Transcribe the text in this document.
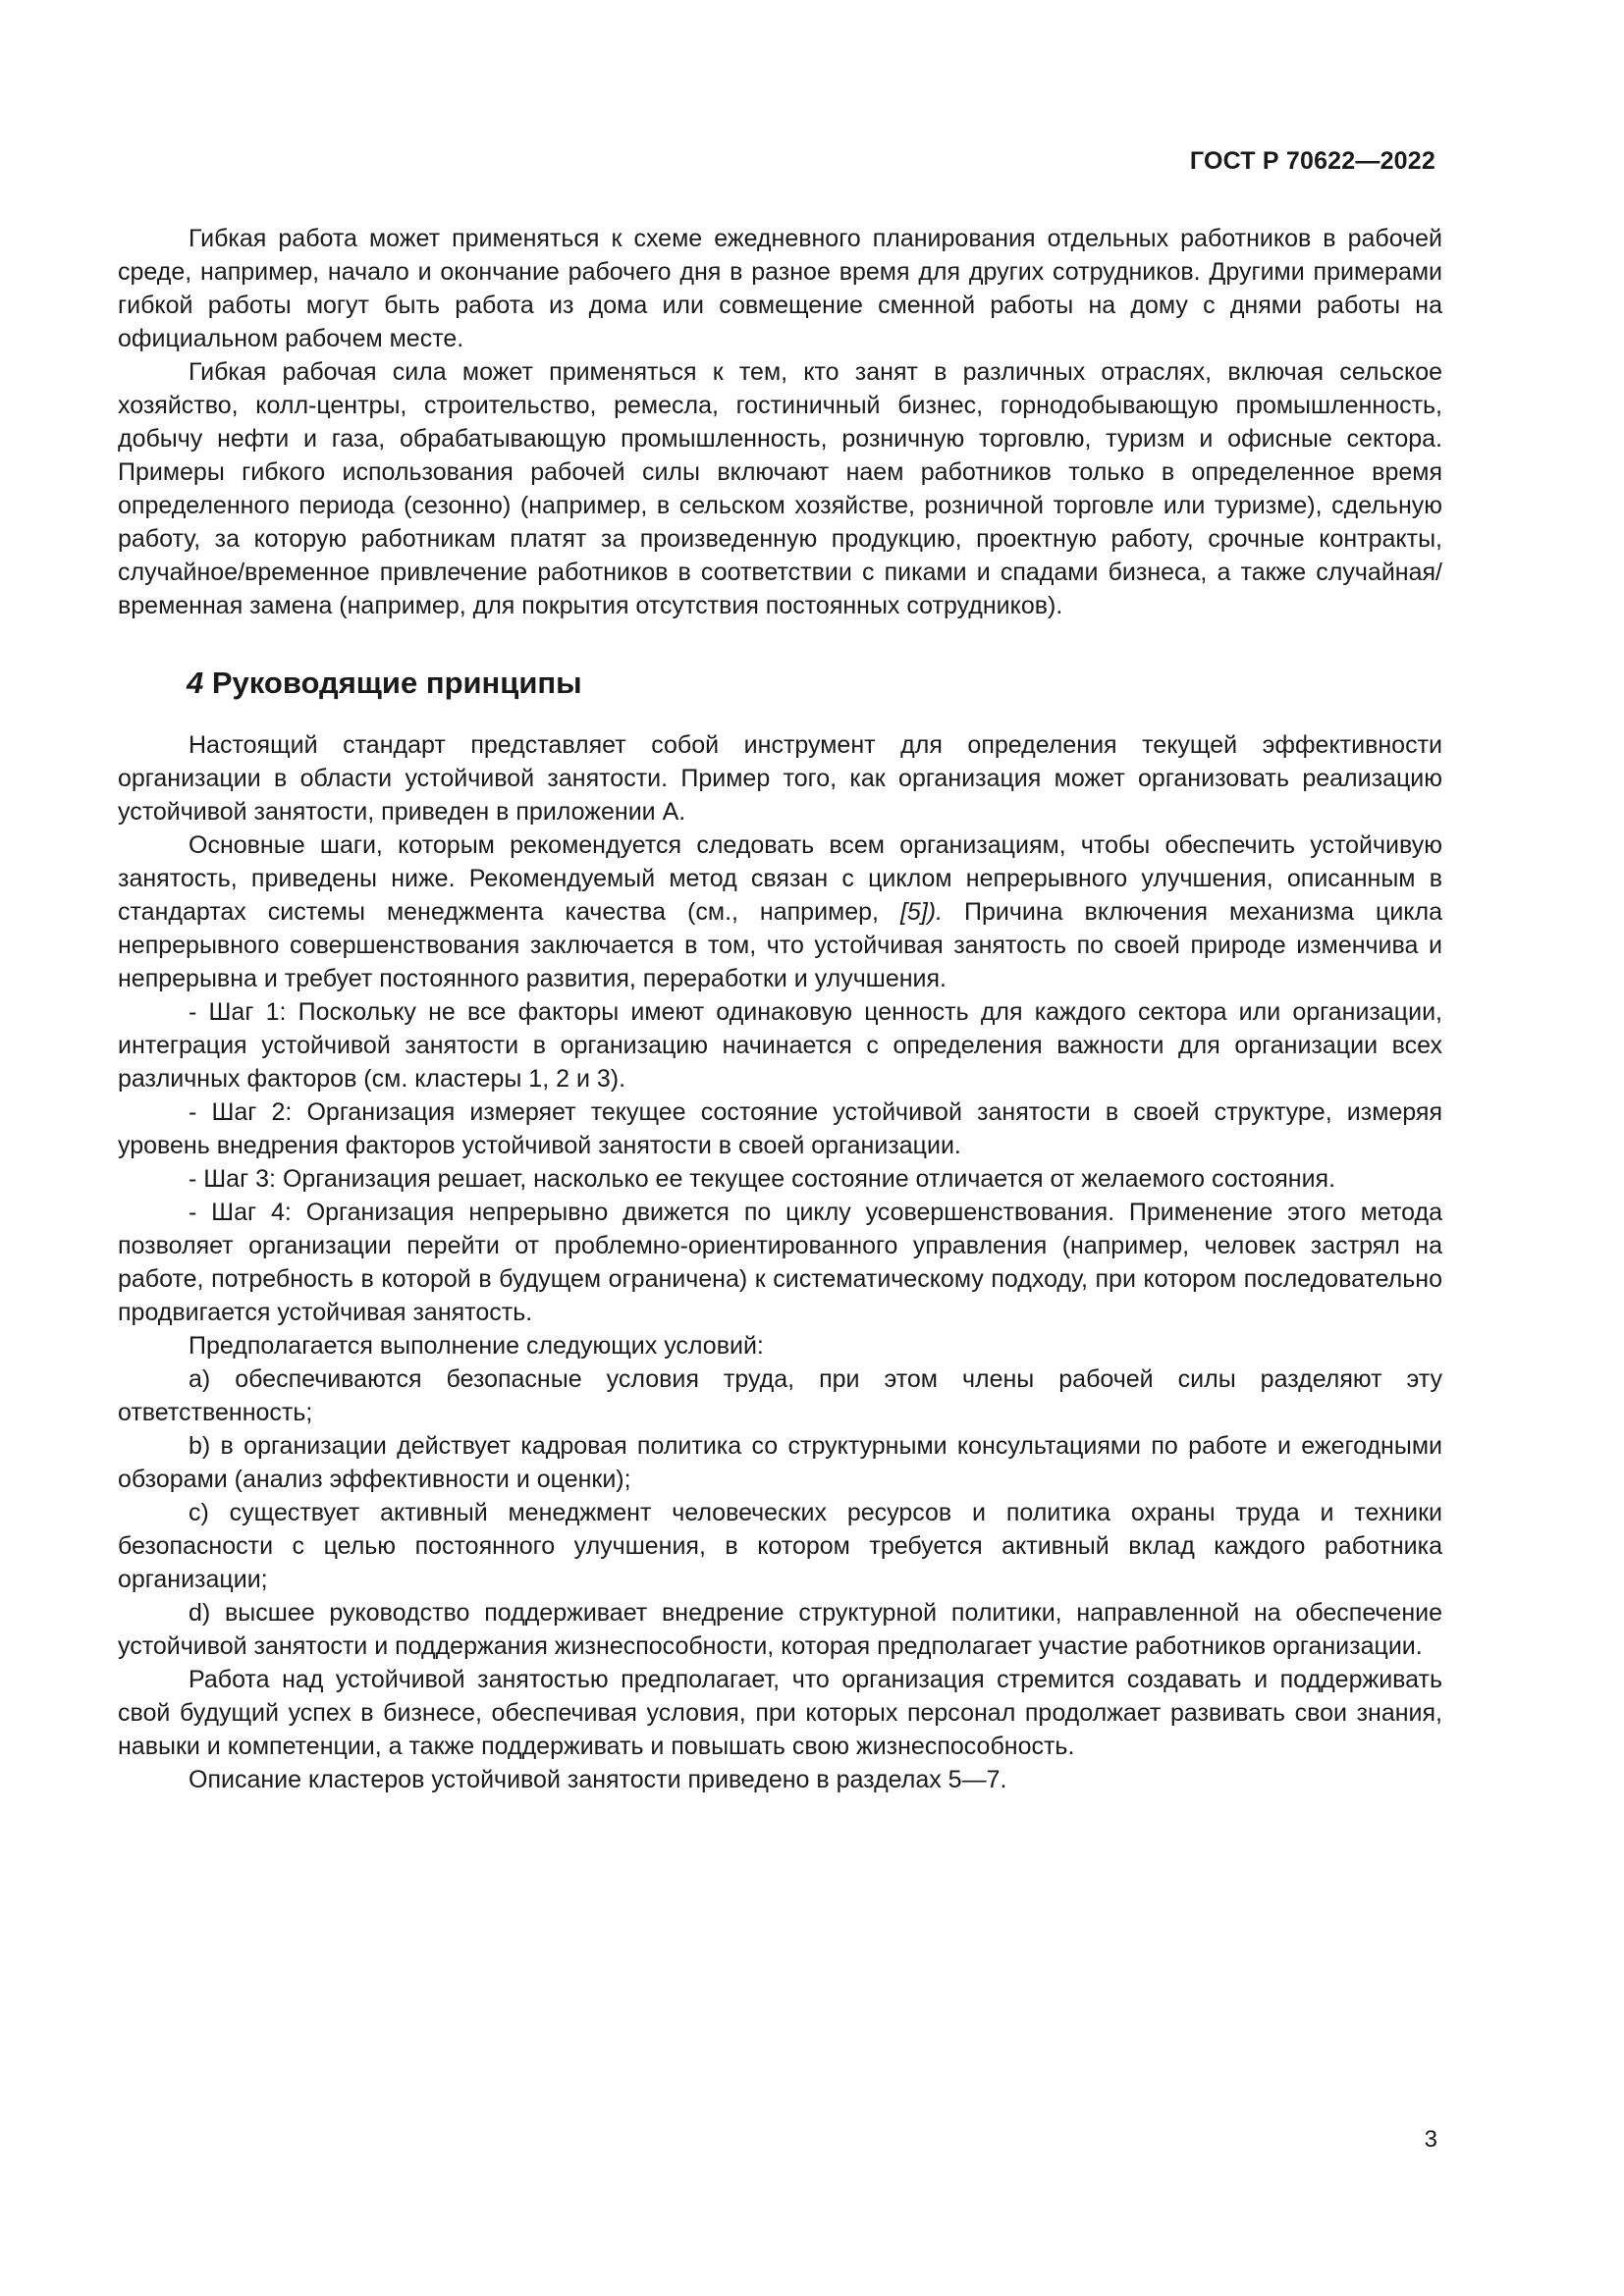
ГОСТ Р 70622—2022

Гибкая работа может применяться к схеме ежедневного планирования отдельных работников в рабочей среде, например, начало и окончание рабочего дня в разное время для других сотрудников. Другими примерами гибкой работы могут быть работа из дома или совмещение сменной работы на дому с днями работы на официальном рабочем месте.

Гибкая рабочая сила может применяться к тем, кто занят в различных отраслях, включая сельское хозяйство, колл-центры, строительство, ремесла, гостиничный бизнес, горнодобывающую промышленность, добычу нефти и газа, обрабатывающую промышленность, розничную торговлю, туризм и офисные сектора. Примеры гибкого использования рабочей силы включают наем работников только в определенное время определенного периода (сезонно) (например, в сельском хозяйстве, розничной торговле или туризме), сдельную работу, за которую работникам платят за произведенную продукцию, проектную работу, срочные контракты, случайное/временное привлечение работников в соответствии с пиками и спадами бизнеса, а также случайная/временная замена (например, для покрытия отсутствия постоянных сотрудников).

4 Руководящие принципы

Настоящий стандарт представляет собой инструмент для определения текущей эффективности организации в области устойчивой занятости. Пример того, как организация может организовать реализацию устойчивой занятости, приведен в приложении А.

Основные шаги, которым рекомендуется следовать всем организациям, чтобы обеспечить устойчивую занятость, приведены ниже. Рекомендуемый метод связан с циклом непрерывного улучшения, описанным в стандартах системы менеджмента качества (см., например, [5]). Причина включения механизма цикла непрерывного совершенствования заключается в том, что устойчивая занятость по своей природе изменчива и непрерывна и требует постоянного развития, переработки и улучшения.

- Шаг 1: Поскольку не все факторы имеют одинаковую ценность для каждого сектора или организации, интеграция устойчивой занятости в организацию начинается с определения важности для организации всех различных факторов (см. кластеры 1, 2 и 3).

- Шаг 2: Организация измеряет текущее состояние устойчивой занятости в своей структуре, измеряя уровень внедрения факторов устойчивой занятости в своей организации.

- Шаг 3: Организация решает, насколько ее текущее состояние отличается от желаемого состояния.

- Шаг 4: Организация непрерывно движется по циклу усовершенствования. Применение этого метода позволяет организации перейти от проблемно-ориентированного управления (например, человек застрял на работе, потребность в которой в будущем ограничена) к систематическому подходу, при котором последовательно продвигается устойчивая занятость.

Предполагается выполнение следующих условий:

a) обеспечиваются безопасные условия труда, при этом члены рабочей силы разделяют эту ответственность;

b) в организации действует кадровая политика со структурными консультациями по работе и ежегодными обзорами (анализ эффективности и оценки);

c) существует активный менеджмент человеческих ресурсов и политика охраны труда и техники безопасности с целью постоянного улучшения, в котором требуется активный вклад каждого работника организации;

d) высшее руководство поддерживает внедрение структурной политики, направленной на обеспечение устойчивой занятости и поддержания жизнеспособности, которая предполагает участие работников организации.

Работа над устойчивой занятостью предполагает, что организация стремится создавать и поддерживать свой будущий успех в бизнесе, обеспечивая условия, при которых персонал продолжает развивать свои знания, навыки и компетенции, а также поддерживать и повышать свою жизнеспособность.

Описание кластеров устойчивой занятости приведено в разделах 5—7.

3
